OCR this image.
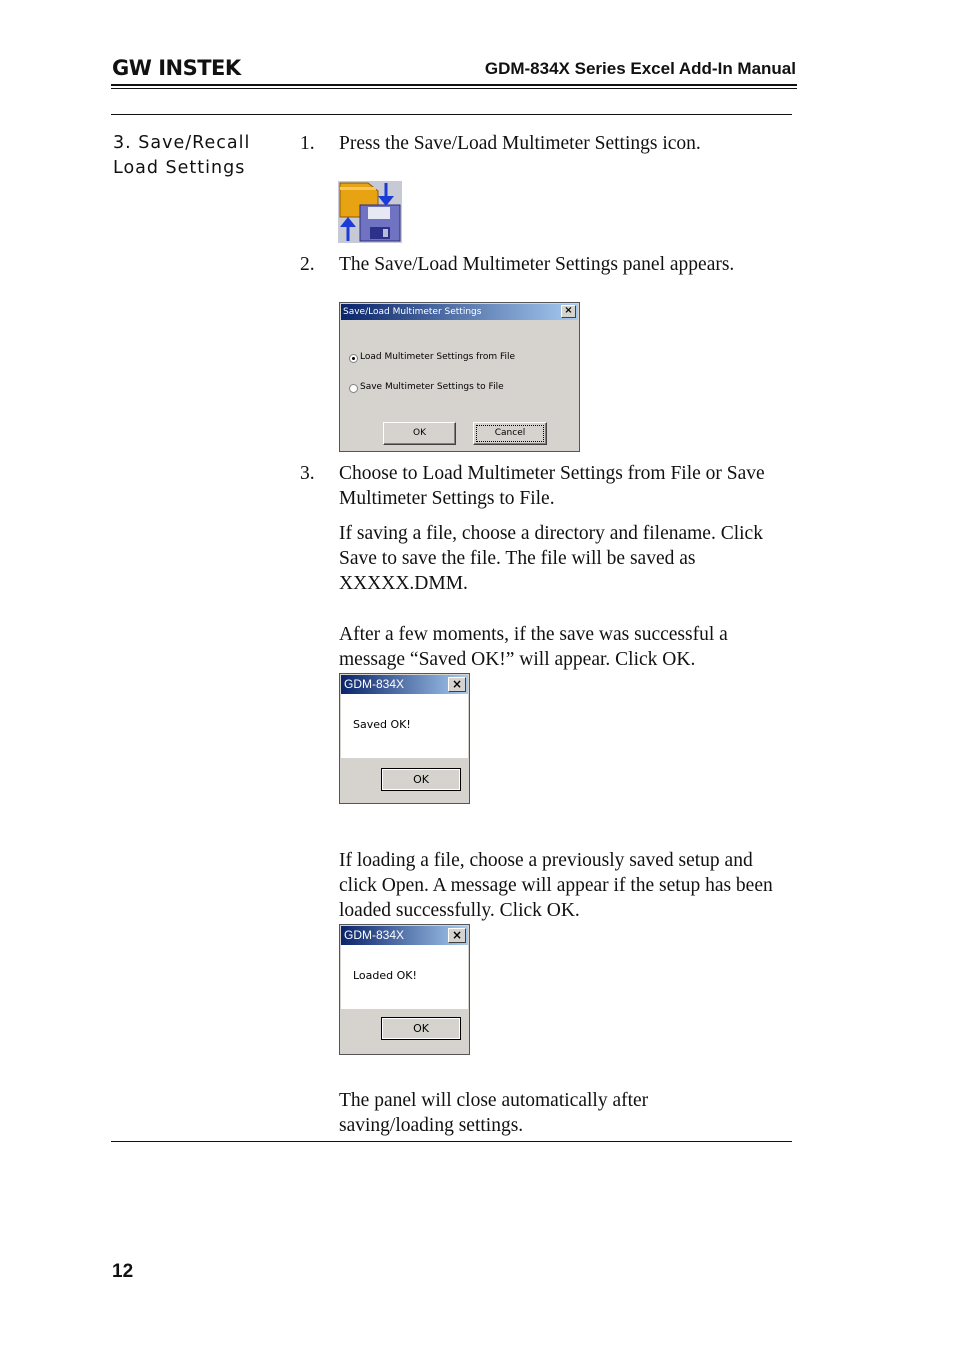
GW INSTEK	GDM-834X Series Excel Add-In Manual
3. Save/Recall
Load Settings
1. Press the Save/Load Multimeter Settings icon.
2. The Save/Load Multimeter Settings panel appears.
Save/Load Multimeter Settings	×
Load Multimeter Settings from File
Save Multimeter Settings to File
OK	Cancel
3. Choose to Load Multimeter Settings from File or Save Multimeter Settings to File.
If saving a file, choose a directory and filename. Click Save to save the file. The file will be saved as XXXXX.DMM.
After a few moments, if the save was successful a message “Saved OK!” will appear. Click OK.
GDM-834X	×
Saved OK!
OK
If loading a file, choose a previously saved setup and click Open. A message will appear if the setup has been loaded successfully. Click OK.
GDM-834X	×
Loaded OK!
OK
The panel will close automatically after saving/loading settings.
12
